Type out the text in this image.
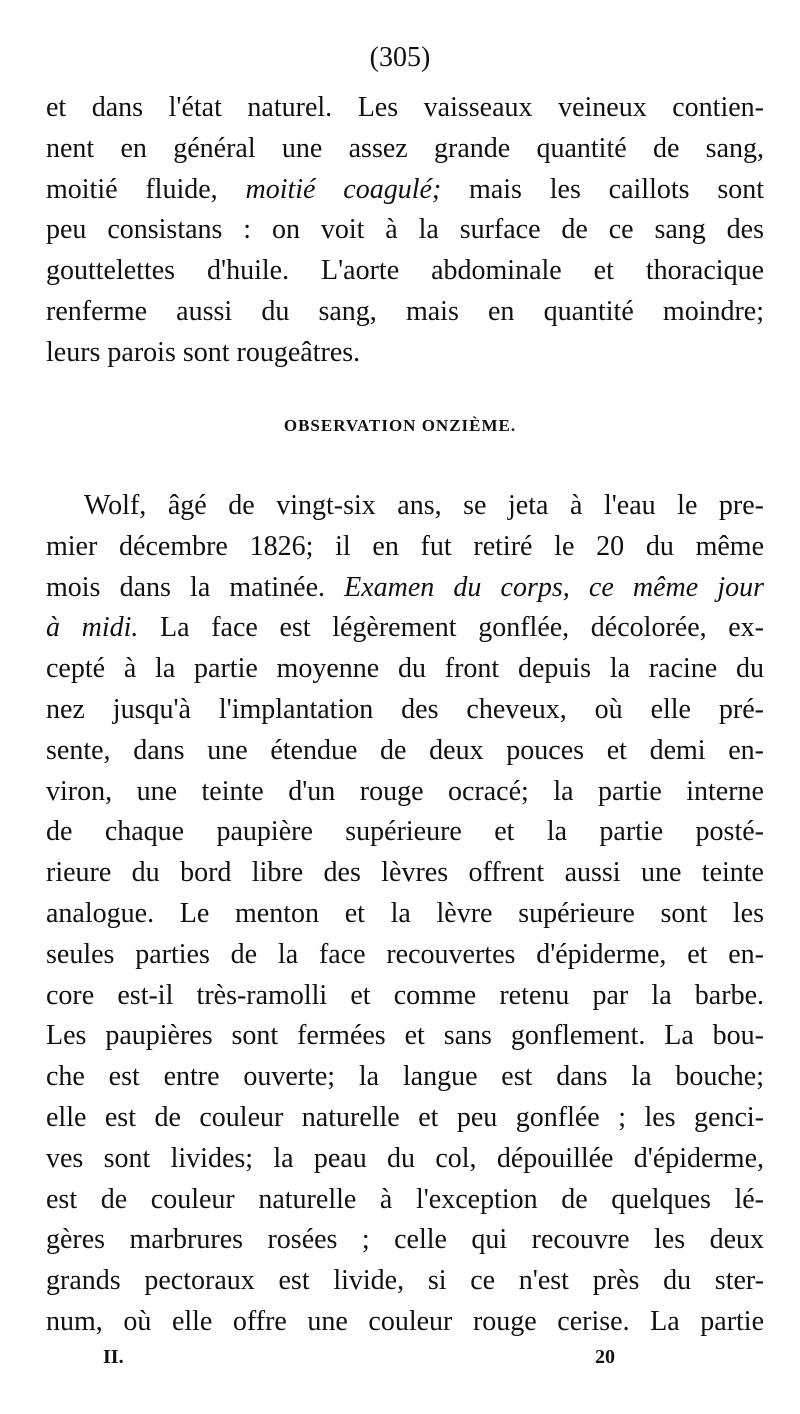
(305)
et dans l'état naturel. Les vaisseaux veineux contien-
nent en général une assez grande quantité de sang,
moitié fluide, moitié coagulé; mais les caillots sont
peu consistans : on voit à la surface de ce sang des
gouttelettes d'huile. L'aorte abdominale et thoracique
renferme aussi du sang, mais en quantité moindre;
leurs parois sont rougeâtres.
OBSERVATION ONZIÈME.
Wolf, âgé de vingt-six ans, se jeta à l'eau le pre-
mier décembre 1826; il en fut retiré le 20 du même
mois dans la matinée. Examen du corps, ce même jour
à midi. La face est légèrement gonflée, décolorée, ex-
cepté à la partie moyenne du front depuis la racine du
nez jusqu'à l'implantation des cheveux, où elle pré-
sente, dans une étendue de deux pouces et demi en-
viron, une teinte d'un rouge ocracé; la partie interne
de chaque paupière supérieure et la partie posté-
rieure du bord libre des lèvres offrent aussi une teinte
analogue. Le menton et la lèvre supérieure sont les
seules parties de la face recouvertes d'épiderme, et en-
core est-il très-ramolli et comme retenu par la barbe.
Les paupières sont fermées et sans gonflement. La bou-
che est entre ouverte; la langue est dans la bouche;
elle est de couleur naturelle et peu gonflée ; les genci-
ves sont livides; la peau du col, dépouillée d'épiderme,
est de couleur naturelle à l'exception de quelques lé-
gères marbrures rosées ; celle qui recouvre les deux
grands pectoraux est livide, si ce n'est près du ster-
num, où elle offre une couleur rouge cerise. La partie
II.	20
